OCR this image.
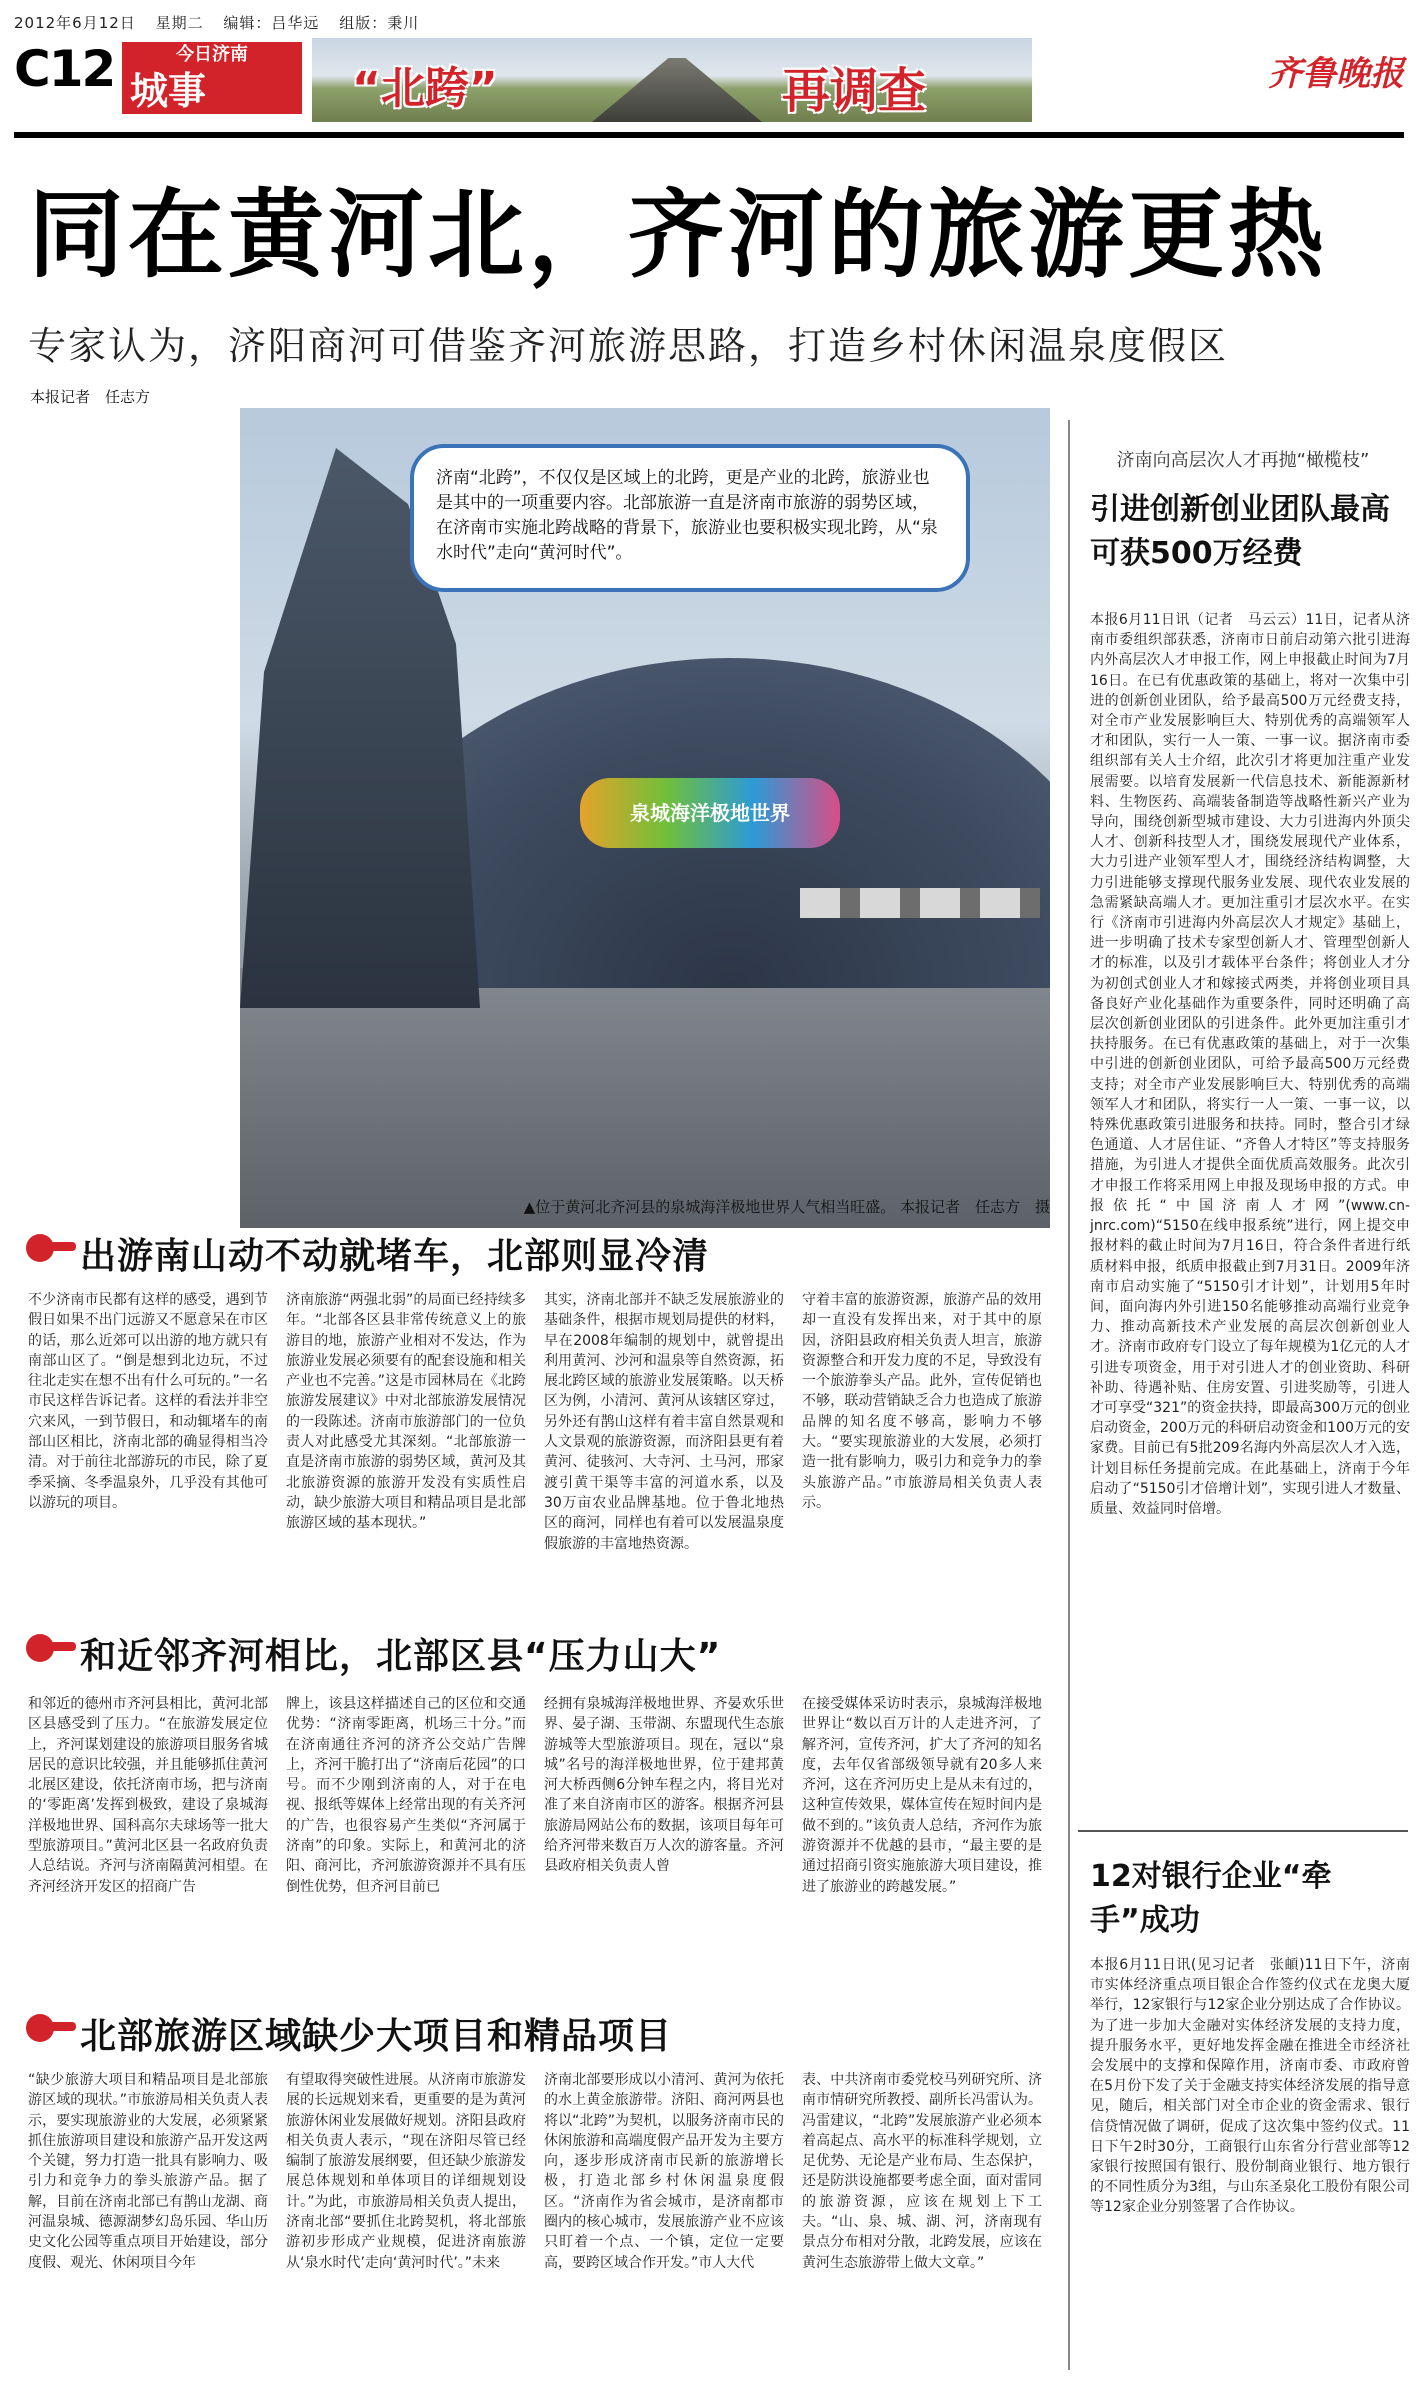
2012年6月12日 星期二 编辑：吕华远 组版：秉川
C12	今日济南
城事	“北跨”	再调查	齐鲁晚报
同在黄河北，齐河的旅游更热
专家认为，济阳商河可借鉴齐河旅游思路，打造乡村休闲温泉度假区
本报记者　任志方
泉城海洋极地世界
济南“北跨”，不仅仅是区域上的北跨，更是产业的北跨，旅游业也是其中的一项重要内容。北部旅游一直是济南市旅游的弱势区域，在济南市实施北跨战略的背景下，旅游业也要积极实现北跨，从“泉水时代”走向“黄河时代”。
▲位于黄河北齐河县的泉城海洋极地世界人气相当旺盛。 本报记者　任志方　摄
济南向高层次人才再抛“橄榄枝”
引进创新创业团队最高可获500万经费
本报6月11日讯（记者　马云云）11日，记者从济南市委组织部获悉，济南市日前启动第六批引进海内外高层次人才申报工作，网上申报截止时间为7月16日。在已有优惠政策的基础上，将对一次集中引进的创新创业团队，给予最高500万元经费支持，对全市产业发展影响巨大、特别优秀的高端领军人才和团队，实行一人一策、一事一议。据济南市委组织部有关人士介绍，此次引才将更加注重产业发展需要。以培育发展新一代信息技术、新能源新材料、生物医药、高端装备制造等战略性新兴产业为导向，围绕创新型城市建设、大力引进海内外顶尖人才、创新科技型人才，围绕发展现代产业体系，大力引进产业领军型人才，围绕经济结构调整，大力引进能够支撑现代服务业发展、现代农业发展的急需紧缺高端人才。更加注重引才层次水平。在实行《济南市引进海内外高层次人才规定》基础上，进一步明确了技术专家型创新人才、管理型创新人才的标准，以及引才载体平台条件；将创业人才分为初创式创业人才和嫁接式两类，并将创业项目具备良好产业化基础作为重要条件，同时还明确了高层次创新创业团队的引进条件。此外更加注重引才扶持服务。在已有优惠政策的基础上，对于一次集中引进的创新创业团队，可给予最高500万元经费支持；对全市产业发展影响巨大、特别优秀的高端领军人才和团队，将实行一人一策、一事一议，以特殊优惠政策引进服务和扶持。同时，整合引才绿色通道、人才居住证、“齐鲁人才特区”等支持服务措施，为引进人才提供全面优质高效服务。此次引才申报工作将采用网上申报及现场申报的方式。申报依托“中国济南人才网”(www.cn-jnrc.com)“5150在线申报系统”进行，网上提交申报材料的截止时间为7月16日，符合条件者进行纸质材料申报，纸质申报截止到7月31日。2009年济南市启动实施了“5150引才计划”，计划用5年时间，面向海内外引进150名能够推动高端行业竞争力、推动高新技术产业发展的高层次创新创业人才。济南市政府专门设立了每年规模为1亿元的人才引进专项资金，用于对引进人才的创业资助、科研补助、待遇补贴、住房安置、引进奖励等，引进人才可享受“321”的资金扶持，即最高300万元的创业启动资金，200万元的科研启动资金和100万元的安家费。目前已有5批209名海内外高层次人才入选，计划目标任务提前完成。在此基础上，济南于今年启动了“5150引才倍增计划”，实现引进人才数量、质量、效益同时倍增。
12对银行企业“牵手”成功
本报6月11日讯(见习记者　张頔)11日下午，济南市实体经济重点项目银企合作签约仪式在龙奥大厦举行，12家银行与12家企业分别达成了合作协议。为了进一步加大金融对实体经济发展的支持力度，提升服务水平，更好地发挥金融在推进全市经济社会发展中的支撑和保障作用，济南市委、市政府曾在5月份下发了关于金融支持实体经济发展的指导意见，随后，相关部门对全市企业的资金需求、银行信贷情况做了调研，促成了这次集中签约仪式。11日下午2时30分，工商银行山东省分行营业部等12家银行按照国有银行、股份制商业银行、地方银行的不同性质分为3组，与山东圣泉化工股份有限公司等12家企业分别签署了合作协议。
出游南山动不动就堵车，北部则显冷清
不少济南市民都有这样的感受，遇到节假日如果不出门远游又不愿意呆在市区的话，那么近郊可以出游的地方就只有南部山区了。“倒是想到北边玩，不过往北走实在想不出有什么可玩的。”一名市民这样告诉记者。这样的看法并非空穴来风，一到节假日，和动辄堵车的南部山区相比，济南北部的确显得相当冷清。对于前往北部游玩的市民，除了夏季采摘、冬季温泉外，几乎没有其他可以游玩的项目。
济南旅游“两强北弱”的局面已经持续多年。“北部各区县非常传统意义上的旅游目的地，旅游产业相对不发达，作为旅游业发展必须要有的配套设施和相关产业也不完善。”这是市园林局在《北跨旅游发展建议》中对北部旅游发展情况的一段陈述。济南市旅游部门的一位负责人对此感受尤其深刻。“北部旅游一直是济南市旅游的弱势区域，黄河及其北旅游资源的旅游开发没有实质性启动，缺少旅游大项目和精品项目是北部旅游区域的基本现状。”
其实，济南北部并不缺乏发展旅游业的基础条件，根据市规划局提供的材料，早在2008年编制的规划中，就曾提出利用黄河、沙河和温泉等自然资源，拓展北跨区域的旅游业发展策略。以天桥区为例，小清河、黄河从该辖区穿过，另外还有鹊山这样有着丰富自然景观和人文景观的旅游资源，而济阳县更有着黄河、徒骇河、大寺河、土马河，邢家渡引黄干渠等丰富的河道水系，以及30万亩农业品牌基地。位于鲁北地热区的商河，同样也有着可以发展温泉度假旅游的丰富地热资源。
守着丰富的旅游资源，旅游产品的效用却一直没有发挥出来，对于其中的原因，济阳县政府相关负责人坦言，旅游资源整合和开发力度的不足，导致没有一个旅游拳头产品。此外，宣传促销也不够，联动营销缺乏合力也造成了旅游品牌的知名度不够高，影响力不够大。“要实现旅游业的大发展，必须打造一批有影响力，吸引力和竞争力的拳头旅游产品。”市旅游局相关负责人表示。
和近邻齐河相比，北部区县“压力山大”
和邻近的德州市齐河县相比，黄河北部区县感受到了压力。“在旅游发展定位上，齐河谋划建设的旅游项目服务省城居民的意识比较强，并且能够抓住黄河北展区建设，依托济南市场，把与济南的‘零距离’发挥到极致，建设了泉城海洋极地世界、国科高尔夫球场等一批大型旅游项目。”黄河北区县一名政府负责人总结说。齐河与济南隔黄河相望。在齐河经济开发区的招商广告
牌上，该县这样描述自己的区位和交通优势：“济南零距离，机场三十分。”而在济南通往齐河的济齐公交站广告牌上，齐河干脆打出了“济南后花园”的口号。而不少刚到济南的人，对于在电视、报纸等媒体上经常出现的有关齐河的广告，也很容易产生类似“齐河属于济南”的印象。实际上，和黄河北的济阳、商河比，齐河旅游资源并不具有压倒性优势，但齐河目前已
经拥有泉城海洋极地世界、齐晏欢乐世界、晏子湖、玉带湖、东盟现代生态旅游城等大型旅游项目。现在，冠以“泉城”名号的海洋极地世界，位于建邦黄河大桥西侧6分钟车程之内，将目光对准了来自济南市区的游客。根据齐河县旅游局网站公布的数据，该项目每年可给齐河带来数百万人次的游客量。齐河县政府相关负责人曾
在接受媒体采访时表示，泉城海洋极地世界让“数以百万计的人走进齐河，了解齐河，宣传齐河，扩大了齐河的知名度，去年仅省部级领导就有20多人来齐河，这在齐河历史上是从未有过的，这种宣传效果，媒体宣传在短时间内是做不到的。”该负责人总结，齐河作为旅游资源并不优越的县市，“最主要的是通过招商引资实施旅游大项目建设，推进了旅游业的跨越发展。”
北部旅游区域缺少大项目和精品项目
“缺少旅游大项目和精品项目是北部旅游区域的现状。”市旅游局相关负责人表示，要实现旅游业的大发展，必须紧紧抓住旅游项目建设和旅游产品开发这两个关键，努力打造一批具有影响力、吸引力和竞争力的拳头旅游产品。据了解，目前在济南北部已有鹊山龙湖、商河温泉城、德源湖梦幻岛乐园、华山历史文化公园等重点项目开始建设，部分度假、观光、休闲项目今年
有望取得突破性进展。从济南市旅游发展的长远规划来看，更重要的是为黄河旅游休闲业发展做好规划。济阳县政府相关负责人表示，“现在济阳尽管已经编制了旅游发展纲要，但还缺少旅游发展总体规划和单体项目的详细规划设计。”为此，市旅游局相关负责人提出，济南北部“要抓住北跨契机，将北部旅游初步形成产业规模，促进济南旅游从‘泉水时代’走向‘黄河时代’。”未来
济南北部要形成以小清河、黄河为依托的水上黄金旅游带。济阳、商河两县也将以“北跨”为契机，以服务济南市民的休闲旅游和高端度假产品开发为主要方向，逐步形成济南市民新的旅游增长极，打造北部乡村休闲温泉度假区。“济南作为省会城市，是济南都市圈内的核心城市，发展旅游产业不应该只盯着一个点、一个镇，定位一定要高，要跨区域合作开发。”市人大代
表、中共济南市委党校马列研究所、济南市情研究所教授、副所长冯雷认为。冯雷建议，“北跨”发展旅游产业必须本着高起点、高水平的标准科学规划，立足优势、无论是产业布局、生态保护，还是防洪设施都要考虑全面，面对雷同的旅游资源，应该在规划上下工夫。“山、泉、城、湖、河，济南现有景点分布相对分散，北跨发展，应该在黄河生态旅游带上做大文章。”
